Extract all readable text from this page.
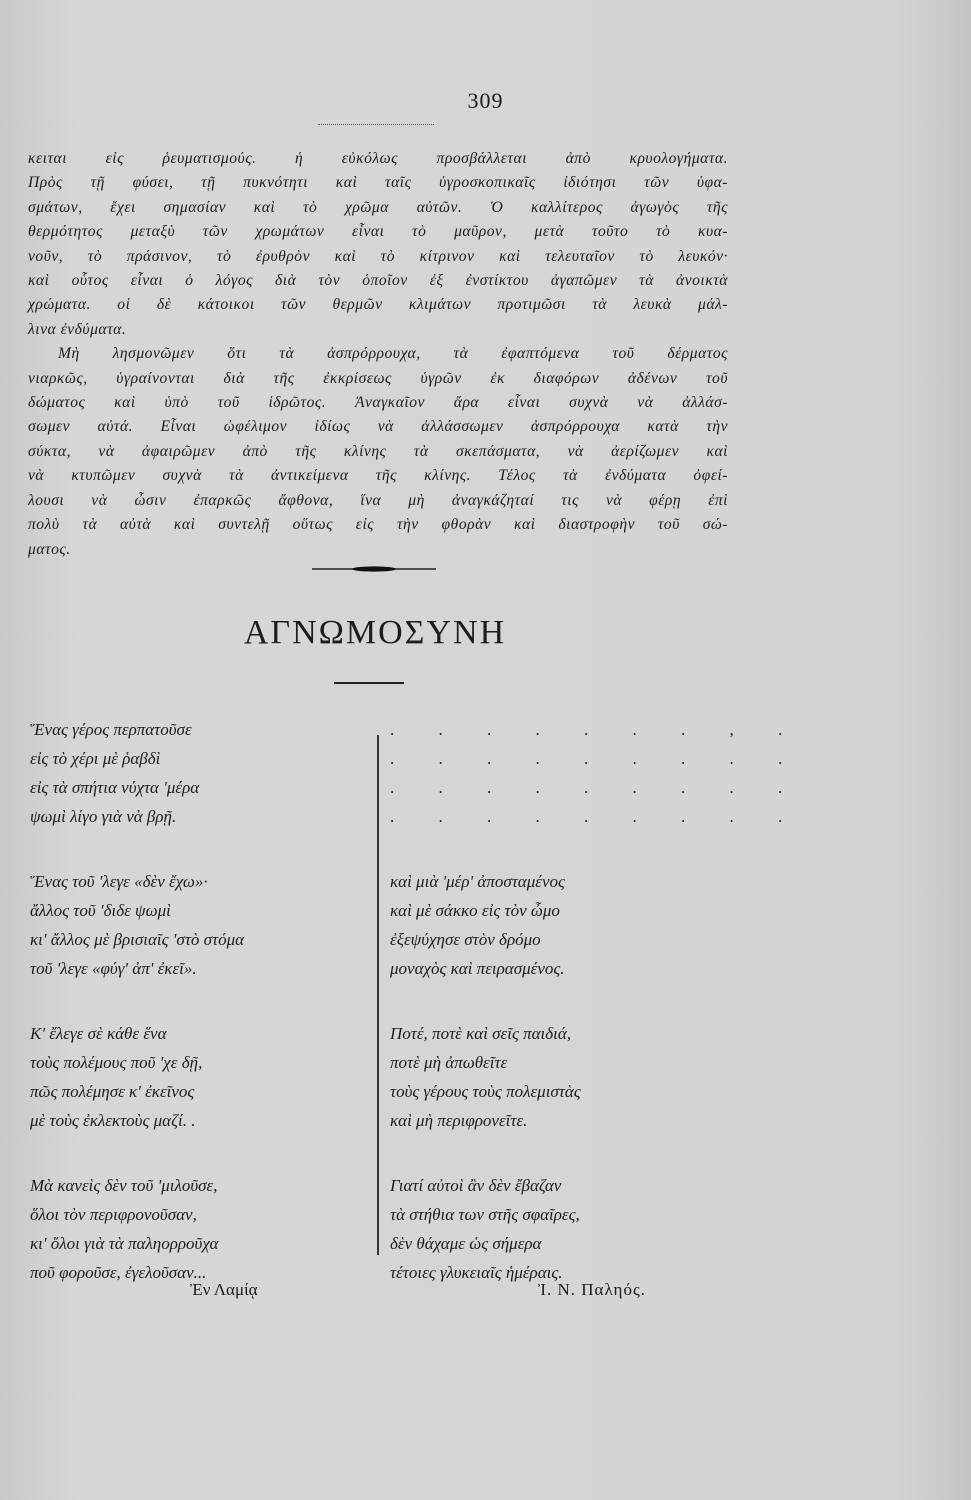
309
κειται εἰς ῥευματισμούς. ἡ εὐκόλως προσβάλλεται ἀπὸ κρυολογήματα.
Πρὸς τῇ φύσει, τῇ πυκνότητι καὶ ταῖς ὑγροσκοπικαῖς ἰδιότησι τῶν ὑφα-
σμάτων, ἔχει σημασίαν καὶ τὸ χρῶμα αὐτῶν. Ὁ καλλίτερος ἀγωγὸς τῆς
θερμότητος μεταξὺ τῶν χρωμάτων εἶναι τὸ μαῦρον, μετὰ τοῦτο τὸ κυα-
νοῦν, τὸ πράσινον, τὸ ἐρυθρὸν καὶ τὸ κίτρινον καὶ τελευταῖον τὸ λευκόν·
καὶ οὗτος εἶναι ὁ λόγος διὰ τὸν ὁποῖον ἐξ ἐνστίκτου ἀγαπῶμεν τὰ ἀνοικτὰ
χρώματα. οἱ δὲ κάτοικοι τῶν θερμῶν κλιμάτων προτιμῶσι τὰ λευκὰ μάλ-
λινα ἐνδύματα.
Μὴ λησμονῶμεν ὅτι τὰ ἀσπρόρρουχα, τὰ ἐφαπτόμενα τοῦ δέρματος
νιαρκῶς, ὑγραίνονται διὰ τῆς ἐκκρίσεως ὑγρῶν ἐκ διαφόρων ἀδένων τοῦ
δώματος καὶ ὑπὸ τοῦ ἱδρῶτος. Ἀναγκαῖον ἄρα εἶναι συχνὰ νὰ ἀλλάσ-
σωμεν αὐτά. Εἶναι ὠφέλιμον ἰδίως νὰ ἀλλάσσωμεν ἀσπρόρρουχα κατὰ τὴν
σύκτα, νὰ ἀφαιρῶμεν ἀπὸ τῆς κλίνης τὰ σκεπάσματα, νὰ ἀερίζωμεν καὶ
νὰ κτυπῶμεν συχνὰ τὰ ἀντικείμενα τῆς κλίνης. Τέλος τὰ ἐνδύματα ὀφεί-
λουσι νὰ ὦσιν ἐπαρκῶς ἄφθονα, ἵνα μὴ ἀναγκάζηταί τις νὰ φέρῃ ἐπὶ
πολὺ τὰ αὐτὰ καὶ συντελῇ οὕτως εἰς τὴν φθορὰν καὶ διαστροφὴν τοῦ σώ-
ματος.
ΑΓΝΩΜΟΣΥΝΗ
Ἕνας γέρος περπατοῦσε
εἰς τὸ χέρι μὲ ῥαβδὶ
εἰς τὰ σπήτια νύχτα 'μέρα
ψωμὶ λίγο γιὰ νὰ βρῇ.
Ἕνας τοῦ 'λεγε «δὲν ἔχω»·
ἄλλος τοῦ 'διδε ψωμὶ
κι' ἄλλος μὲ βρισιαῖς 'στὸ στόμα
τοῦ 'λεγε «φύγ' ἀπ' ἐκεῖ».
Κ' ἔλεγε σὲ κάθε ἕνα
τοὺς πολέμους ποῦ 'χε δῇ,
πῶς πολέμησε κ' ἐκεῖνος
μὲ τοὺς ἐκλεκτοὺς μαζί. .
Μὰ κανεὶς δὲν τοῦ 'μιλοῦσε,
ὅλοι τὸν περιφρονοῦσαν,
κι' ὅλοι γιὰ τὰ παληορροῦχα
ποῦ φοροῦσε, ἐγελοῦσαν...
. . . . . . . , .
. . . . . . . . .
. . . . . . . . .
. . . . . . . . .
καὶ μιὰ 'μέρ' ἀποσταμένος
καὶ μὲ σάκκο εἰς τὸν ὦμο
ἐξεψύχησε στὸν δρόμο
μοναχὸς καὶ πειρασμένος.
Ποτέ, ποτὲ καὶ σεῖς παιδιά,
ποτὲ μὴ ἀπωθεῖτε
τοὺς γέρους τοὺς πολεμιστὰς
καὶ μὴ περιφρονεῖτε.
Γιατί αὐτοὶ ἂν δὲν ἔβαζαν
τὰ στήθια των στῆς σφαῖρες,
δὲν θάχαμε ὡς σήμερα
τέτοιες γλυκειαῖς ἡμέραις.
Ἐν Λαμίᾳ	Ἰ. Ν. Παληός.
